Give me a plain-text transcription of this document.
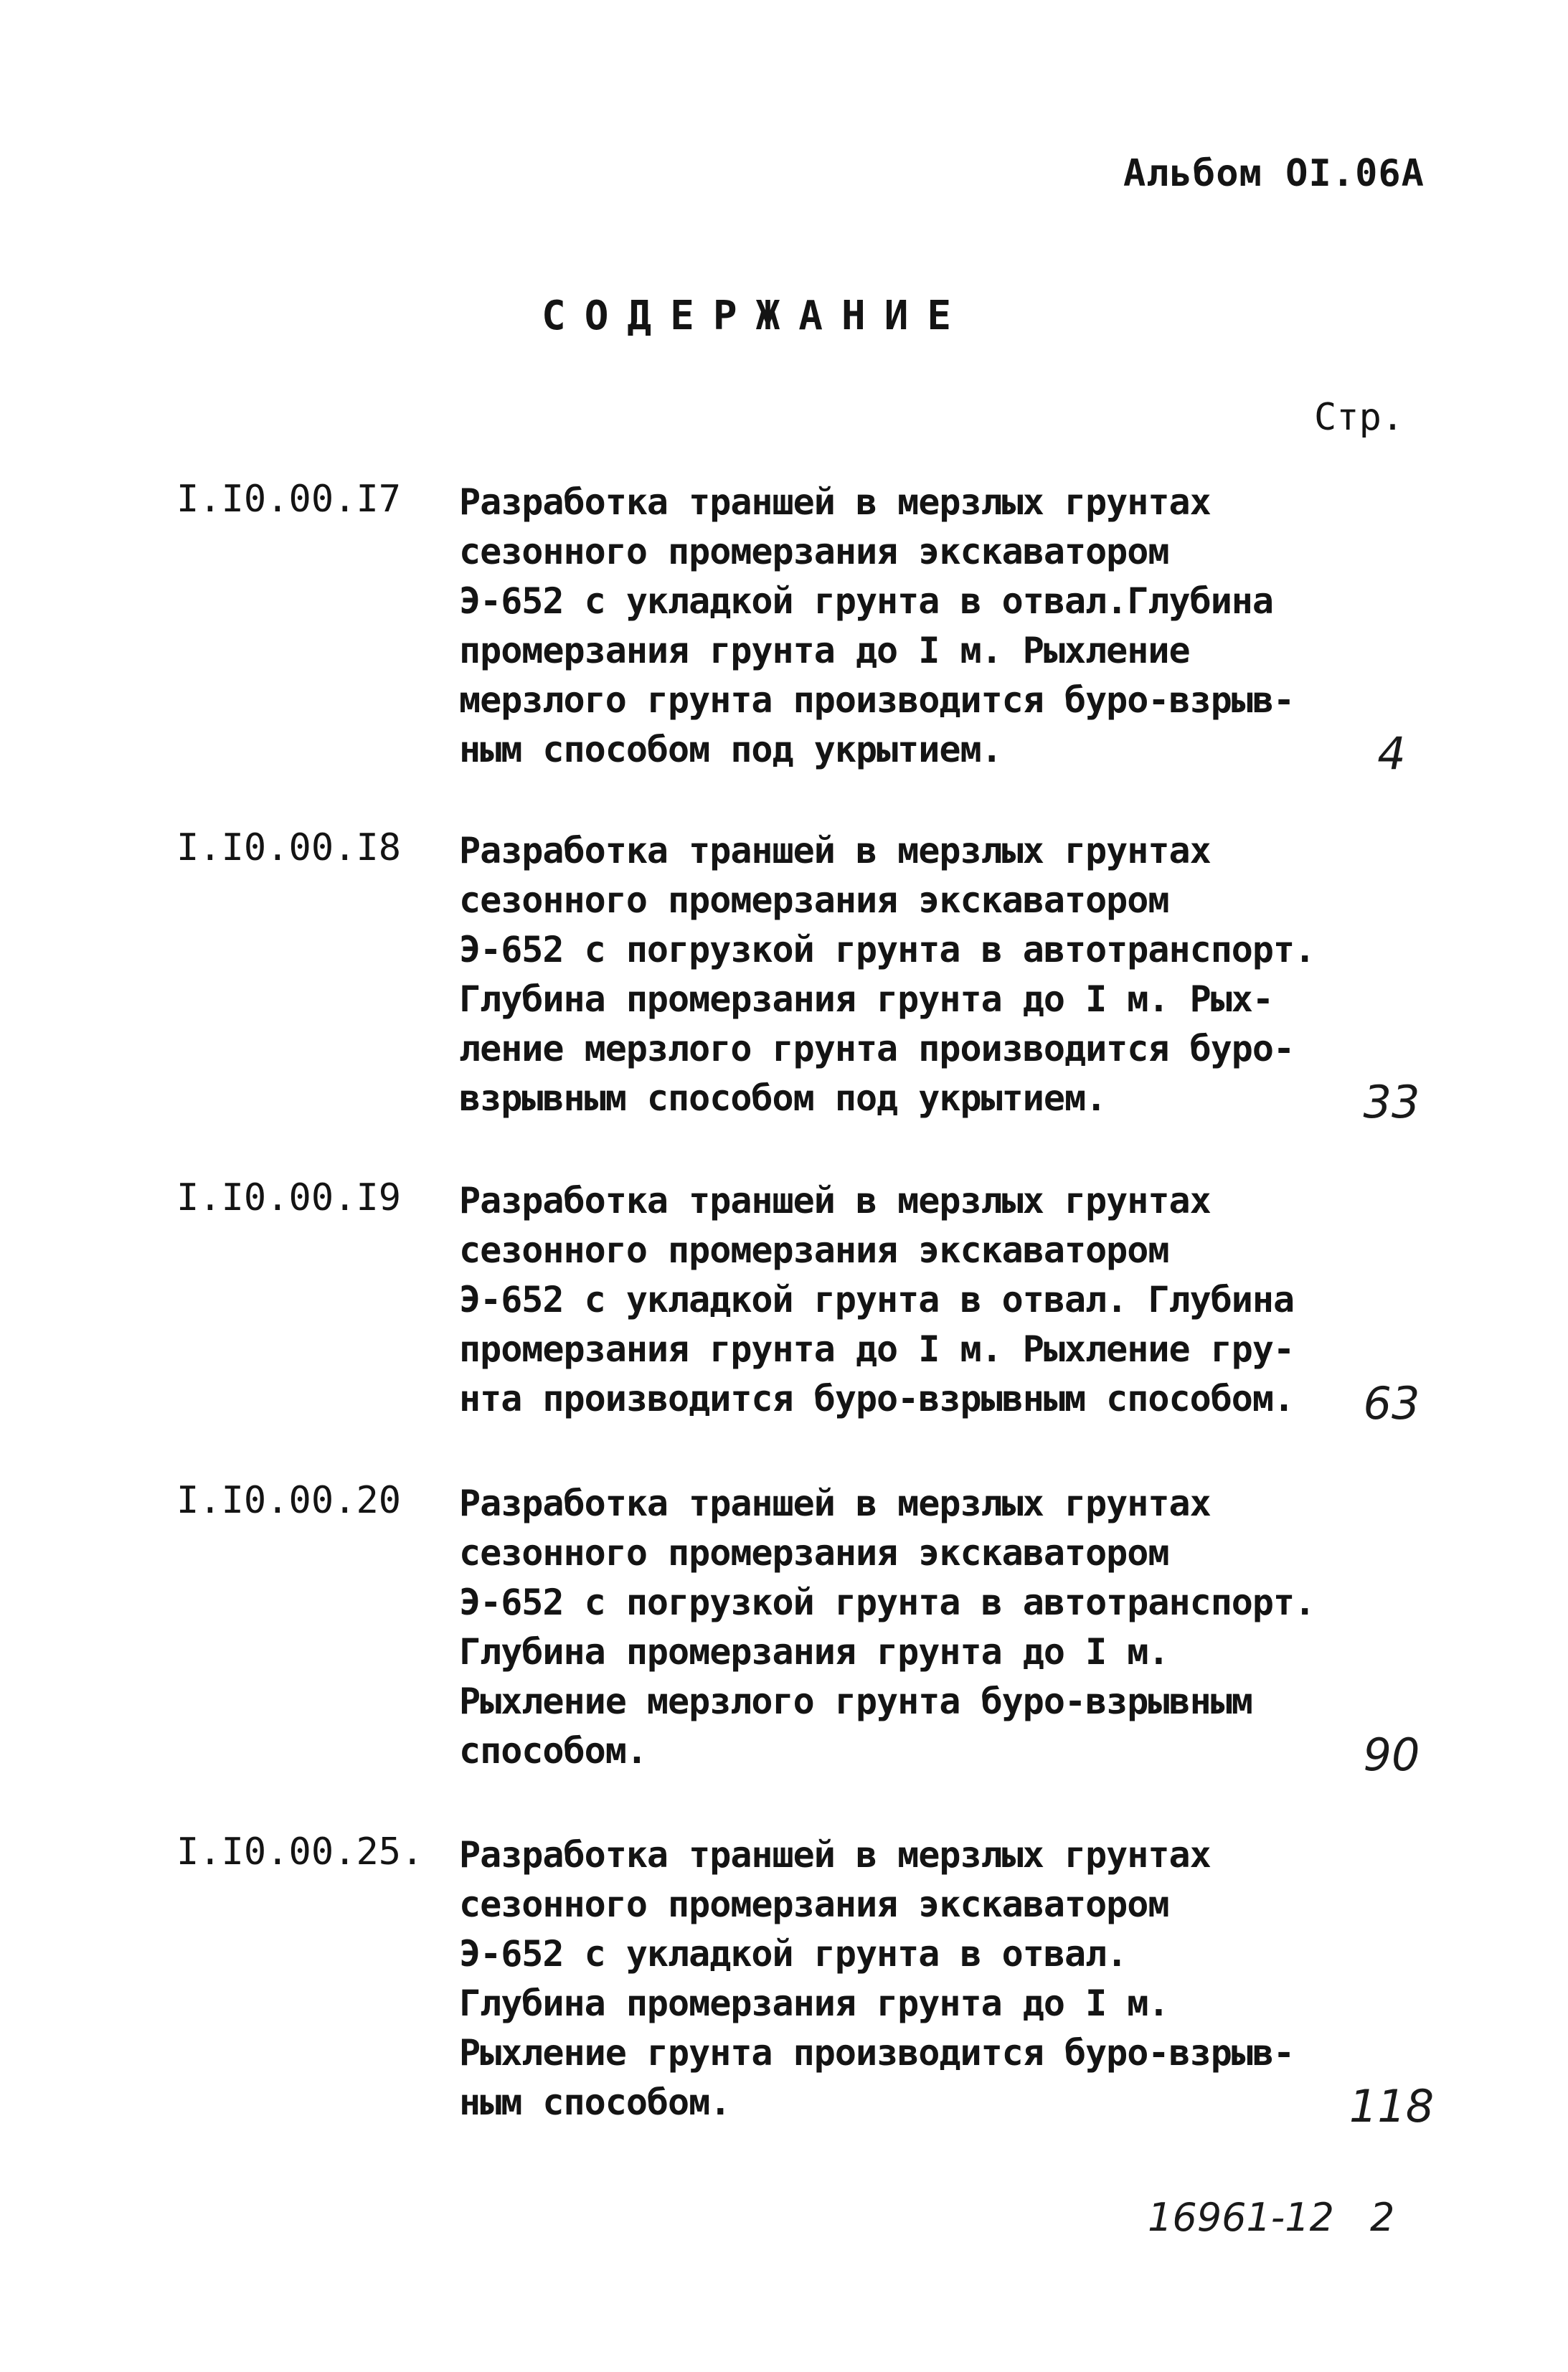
Альбом OI.06A
СОДЕРЖАНИЕ
Стр.
I.I0.00.I7 Разработка траншей в мерзлых грунтах
сезонного промерзания экскаватором
Э-652 с укладкой грунта в отвал.Глубина
промерзания грунта до I м. Рыхление
мерзлого грунта производится буро-взрыв-
ным способом под укрытием.	4
I.I0.00.I8 Разработка траншей в мерзлых грунтах
сезонного промерзания экскаватором
Э-652 с погрузкой грунта в автотранспорт.
Глубина промерзания грунта до I м. Рых-
ление мерзлого грунта производится буро-
взрывным способом под укрытием.	33
I.I0.00.I9 Разработка траншей в мерзлых грунтах
сезонного промерзания экскаватором
Э-652 с укладкой грунта в отвал. Глубина
промерзания грунта до I м. Рыхление гру-
нта производится буро-взрывным способом.	63
I.I0.00.20 Разработка траншей в мерзлых грунтах
сезонного промерзания экскаватором
Э-652 с погрузкой грунта в автотранспорт.
Глубина промерзания грунта до I м.
Рыхление мерзлого грунта буро-взрывным
способом.	90
I.I0.00.25. Разработка траншей в мерзлых грунтах
сезонного промерзания экскаватором
Э-652 с укладкой грунта в отвал.
Глубина промерзания грунта до I м.
Рыхление грунта производится буро-взрыв-
ным способом.	118
16961-12 2
